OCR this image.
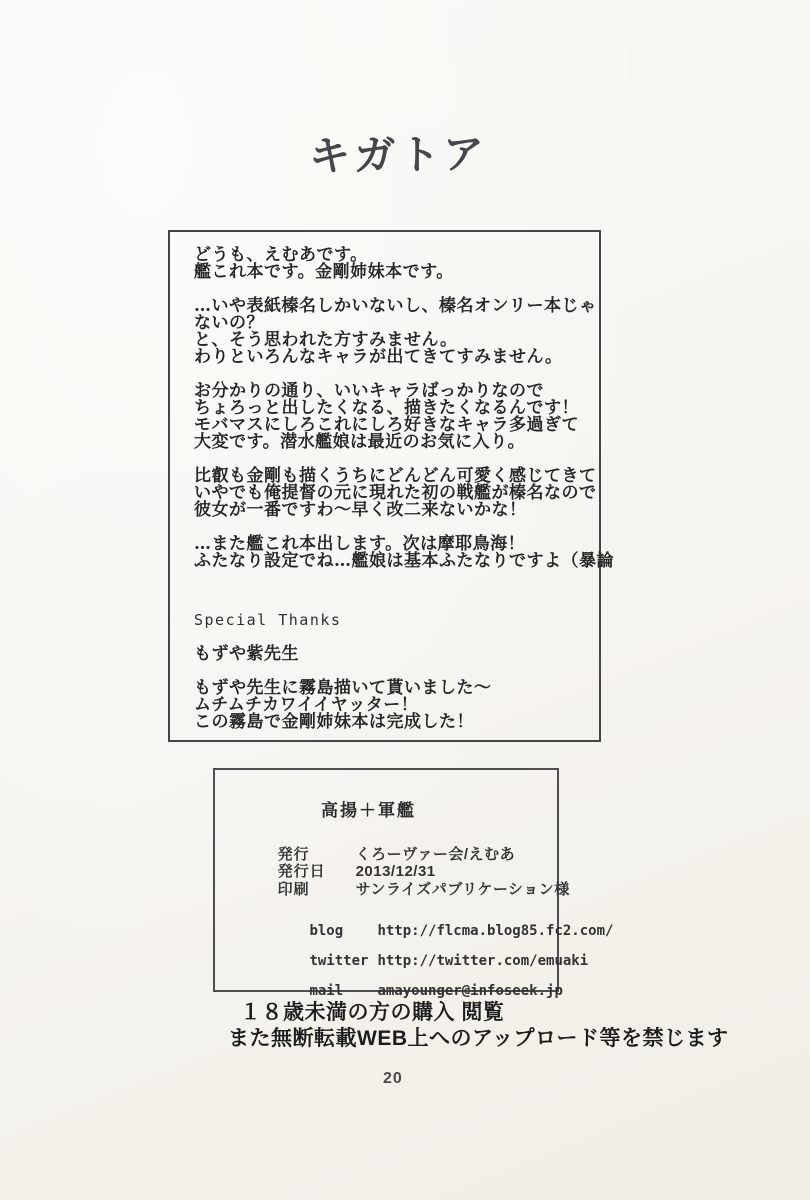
キガトア
どうも、えむあです。
艦これ本です。金剛姉妹本です。
…いや表紙榛名しかいないし、榛名オンリー本じゃ
ないの？
と、そう思われた方すみません。
わりといろんなキャラが出てきてすみません。
お分かりの通り、いいキャラばっかりなので
ちょろっと出したくなる、描きたくなるんです！
モバマスにしろこれにしろ好きなキャラ多過ぎて
大変です。潜水艦娘は最近のお気に入り。
比叡も金剛も描くうちにどんどん可愛く感じてきて
いやでも俺提督の元に現れた初の戦艦が榛名なので
彼女が一番ですわ〜早く改二来ないかな！
…また艦これ本出します。次は摩耶鳥海！
ふたなり設定でね…艦娘は基本ふたなりですよ（暴論
Special Thanks
もずや紫先生
もずや先生に霧島描いて貰いました〜
ムチムチカワイイヤッター！
この霧島で金剛姉妹本は完成した！
高揚＋軍艦

発行	くろーヴァー会/えむあ

発行日 2013/12/31

印刷	サンライズパブリケーション様

blog http://flcma.blog85.fc2.com/

twitter http://twitter.com/emuaki

mail amayounger@infoseek.jp

１８歳未満の方の購入 閲覧
また無断転載WEB上へのアップロード等を禁じます
20
